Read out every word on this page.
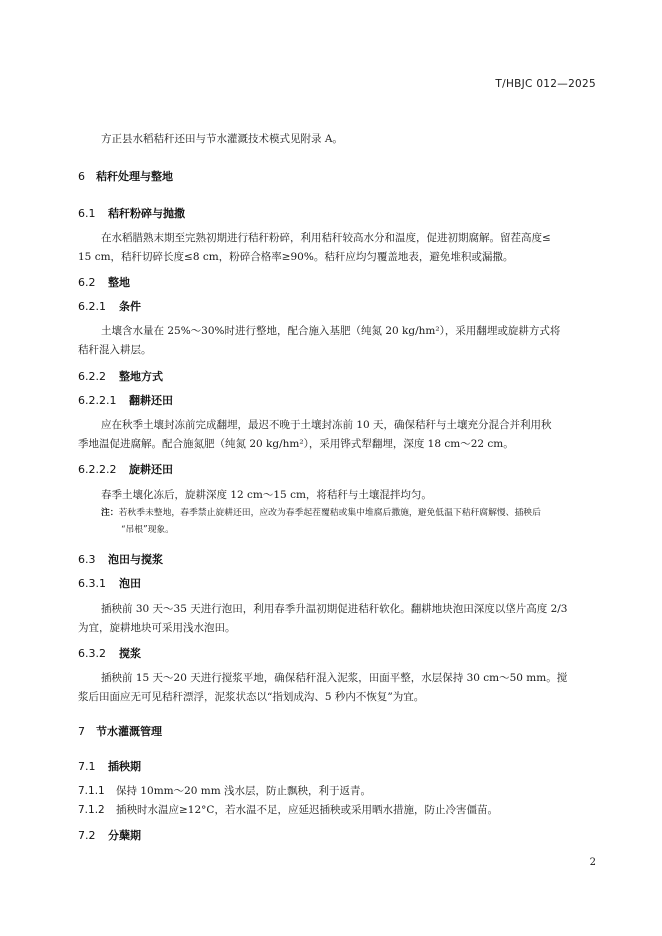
T/HBJC 012—2025
方正县水稻秸秆还田与节水灌溉技术模式见附录 A。
6 秸秆处理与整地
6.1 秸秆粉碎与抛撒
在水稻腊熟末期至完熟初期进行秸秆粉碎，利用秸秆较高水分和温度，促进初期腐解。留茬高度≤
15 cm，秸秆切碎长度≤8 cm，粉碎合格率≥90%。秸秆应均匀覆盖地表，避免堆积或漏撒。
6.2 整地
6.2.1 条件
土壤含水量在 25%～30%时进行整地，配合施入基肥（纯氮 20 kg/hm²），采用翻埋或旋耕方式将
秸秆混入耕层。
6.2.2 整地方式
6.2.2.1 翻耕还田
应在秋季土壤封冻前完成翻埋，最迟不晚于土壤封冻前 10 天，确保秸秆与土壤充分混合并利用秋
季地温促进腐解。配合施氮肥（纯氮 20 kg/hm²），采用铧式犁翻埋，深度 18 cm～22 cm。
6.2.2.2 旋耕还田
春季土壤化冻后，旋耕深度 12 cm～15 cm，将秸秆与土壤混拌均匀。
注：若秋季未整地，春季禁止旋耕还田，应改为春季起茬覆秸或集中堆腐后撒施，避免低温下秸秆腐解慢、插秧后
“吊根”现象。
6.3 泡田与搅浆
6.3.1 泡田
插秧前 30 天～35 天进行泡田，利用春季升温初期促进秸秆软化。翻耕地块泡田深度以垡片高度 2/3
为宜，旋耕地块可采用浅水泡田。
6.3.2 搅浆
插秧前 15 天～20 天进行搅浆平地，确保秸秆混入泥浆，田面平整，水层保持 30 cm～50 mm。搅
浆后田面应无可见秸秆漂浮，泥浆状态以“指划成沟、5 秒内不恢复”为宜。
7 节水灌溉管理
7.1 插秧期
7.1.1 保持 10mm～20 mm 浅水层，防止飘秧，利于返青。
7.1.2 插秧时水温应≥12°C，若水温不足，应延迟插秧或采用晒水措施，防止冷害僵苗。
7.2 分蘖期
2
